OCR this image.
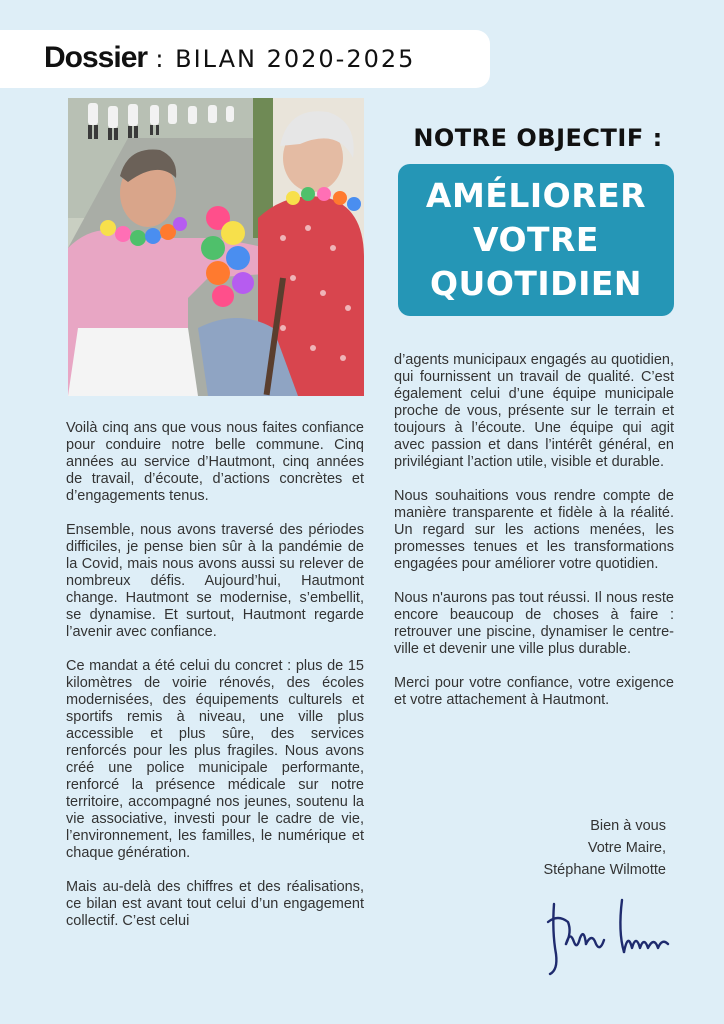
Dossier : BILAN 2020-2025
NOTRE OBJECTIF :
AMÉLIORER
VOTRE
QUOTIDIEN

Voilà cinq ans que vous nous faites confiance pour conduire notre belle commune. Cinq années au service d’Hautmont, cinq années de travail, d’écoute, d’actions concrètes et d’engagements tenus.

Ensemble, nous avons traversé des périodes difficiles, je pense bien sûr à la pandémie de la Covid, mais nous avons aussi su relever de nombreux défis. Aujourd’hui, Hautmont change. Hautmont se modernise, s’embellit, se dynamise. Et surtout, Hautmont regarde l’avenir avec confiance.

Ce mandat a été celui du concret : plus de 15 kilomètres de voirie rénovés, des écoles modernisées, des équipements culturels et sportifs remis à niveau, une ville plus accessible et plus sûre, des services renforcés pour les plus fragiles. Nous avons créé une police municipale performante, renforcé la présence médicale sur notre territoire, accompagné nos jeunes, soutenu la vie associative, investi pour le cadre de vie, l’environnement, les familles, le numérique et chaque génération.

Mais au-delà des chiffres et des réalisations, ce bilan est avant tout celui d’un engagement collectif. C’est celui

d’agents municipaux engagés au quotidien, qui fournissent un travail de qualité. C’est également celui d’une équipe municipale proche de vous, présente sur le terrain et toujours à l’écoute. Une équipe qui agit avec passion et dans l’intérêt général, en privilégiant l’action utile, visible et durable.

Nous souhaitions vous rendre compte de manière transparente et fidèle à la réalité. Un regard sur les actions menées, les promesses tenues et les transformations engagées pour améliorer votre quotidien.

Nous n'aurons pas tout réussi. Il nous reste encore beaucoup de choses à faire : retrouver une piscine, dynamiser le centre-ville et devenir une ville plus durable.

Merci pour votre confiance, votre exigence et votre attachement à Hautmont.

Bien à vous
Votre Maire,
Stéphane Wilmotte
